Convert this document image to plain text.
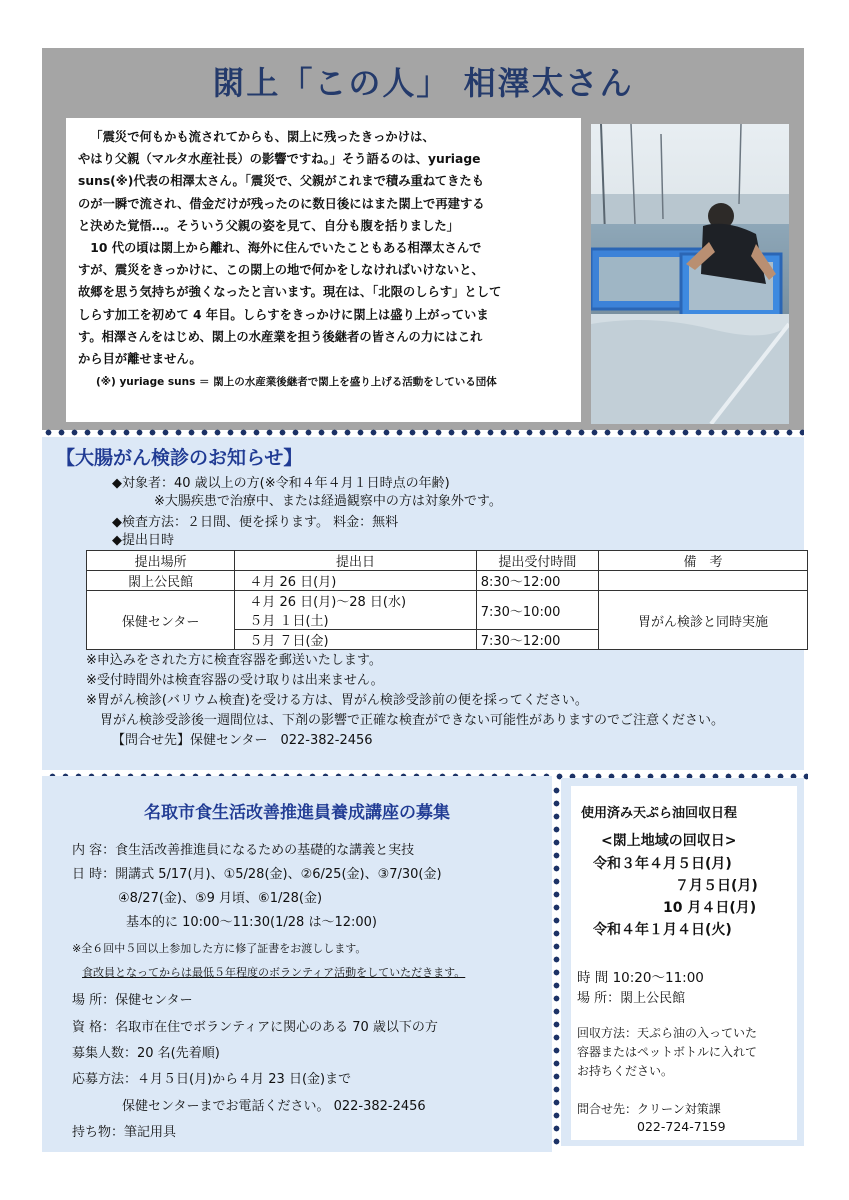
閖上「この人」 相澤太さん

「震災で何もかも流されてからも、閖上に残ったきっかけは、
やはり父親（マルタ水産社長）の影響ですね。」そう語るのは、yuriage
suns(※)代表の相澤太さん。「震災で、父親がこれまで積み重ねてきたも
のが一瞬で流され、借金だけが残ったのに数日後にはまた閖上で再建する
と決めた覚悟…。そういう父親の姿を見て、自分も腹を括りました」

10 代の頃は閖上から離れ、海外に住んでいたこともある相澤太さんで
すが、震災をきっかけに、この閖上の地で何かをしなければいけないと、
故郷を思う気持ちが強くなったと言います。現在は、「北限のしらす」として
しらす加工を初めて 4 年目。しらすをきっかけに閖上は盛り上がっていま
す。相澤さんをはじめ、閖上の水産業を担う後継者の皆さんの力にはこれ
から目が離せません。

(※) yuriage suns ＝ 閖上の水産業後継者で閖上を盛り上げる活動をしている団体

【大腸がん検診のお知らせ】
◆対象者：40 歳以上の方(※令和４年４月１日時点の年齢)
※大腸疾患で治療中、または経過観察中の方は対象外です。
◆検査方法：２日間、便を採ります。 料金：無料
◆提出日時
提出場所	提出日	提出受付時間	備　考
閖上公民館	４月 26 日(月)	8:30～12:00	
保健センター	４月 26 日(月)～28 日(水)	7:30～10:00	胃がん検診と同時実施
	５月 １日(土)		
	５月 ７日(金)	7:30～12:00	
※申込みをされた方に検査容器を郵送いたします。
※受付時間外は検査容器の受け取りは出来ません。
※胃がん検診(バリウム検査)を受ける方は、胃がん検診受診前の便を採ってください。
胃がん検診受診後一週間位は、下剤の影響で正確な検査ができない可能性がありますのでご注意ください。
【問合せ先】保健センター　022-382-2456
名取市食生活改善推進員養成講座の募集
内 容：食生活改善推進員になるための基礎的な講義と実技
日 時：開講式 5/17(月)、①5/28(金)、②6/25(金)、③7/30(金)
④8/27(金)、⑤9 月頃、⑥1/28(金)
基本的に 10:00～11:30(1/28 は～12:00)
※全６回中５回以上参加した方に修了証書をお渡しします。
食改員となってからは最低５年程度のボランティア活動をしていただきます。
場 所：保健センター
資 格：名取市在住でボランティアに関心のある 70 歳以下の方
募集人数：20 名(先着順)
応募方法：４月５日(月)から４月 23 日(金)まで
保健センターまでお電話ください。 022-382-2456
持ち物：筆記用具
使用済み天ぷら油回収日程
<閖上地域の回収日>
令和３年４月５日(月)
７月５日(月)
10 月４日(月)
令和４年１月４日(火)
時 間 10:20～11:00
場 所：閖上公民館
回収方法：天ぷら油の入っていた
容器またはペットボトルに入れて
お持ちください。
問合せ先：クリーン対策課
022-724-7159
